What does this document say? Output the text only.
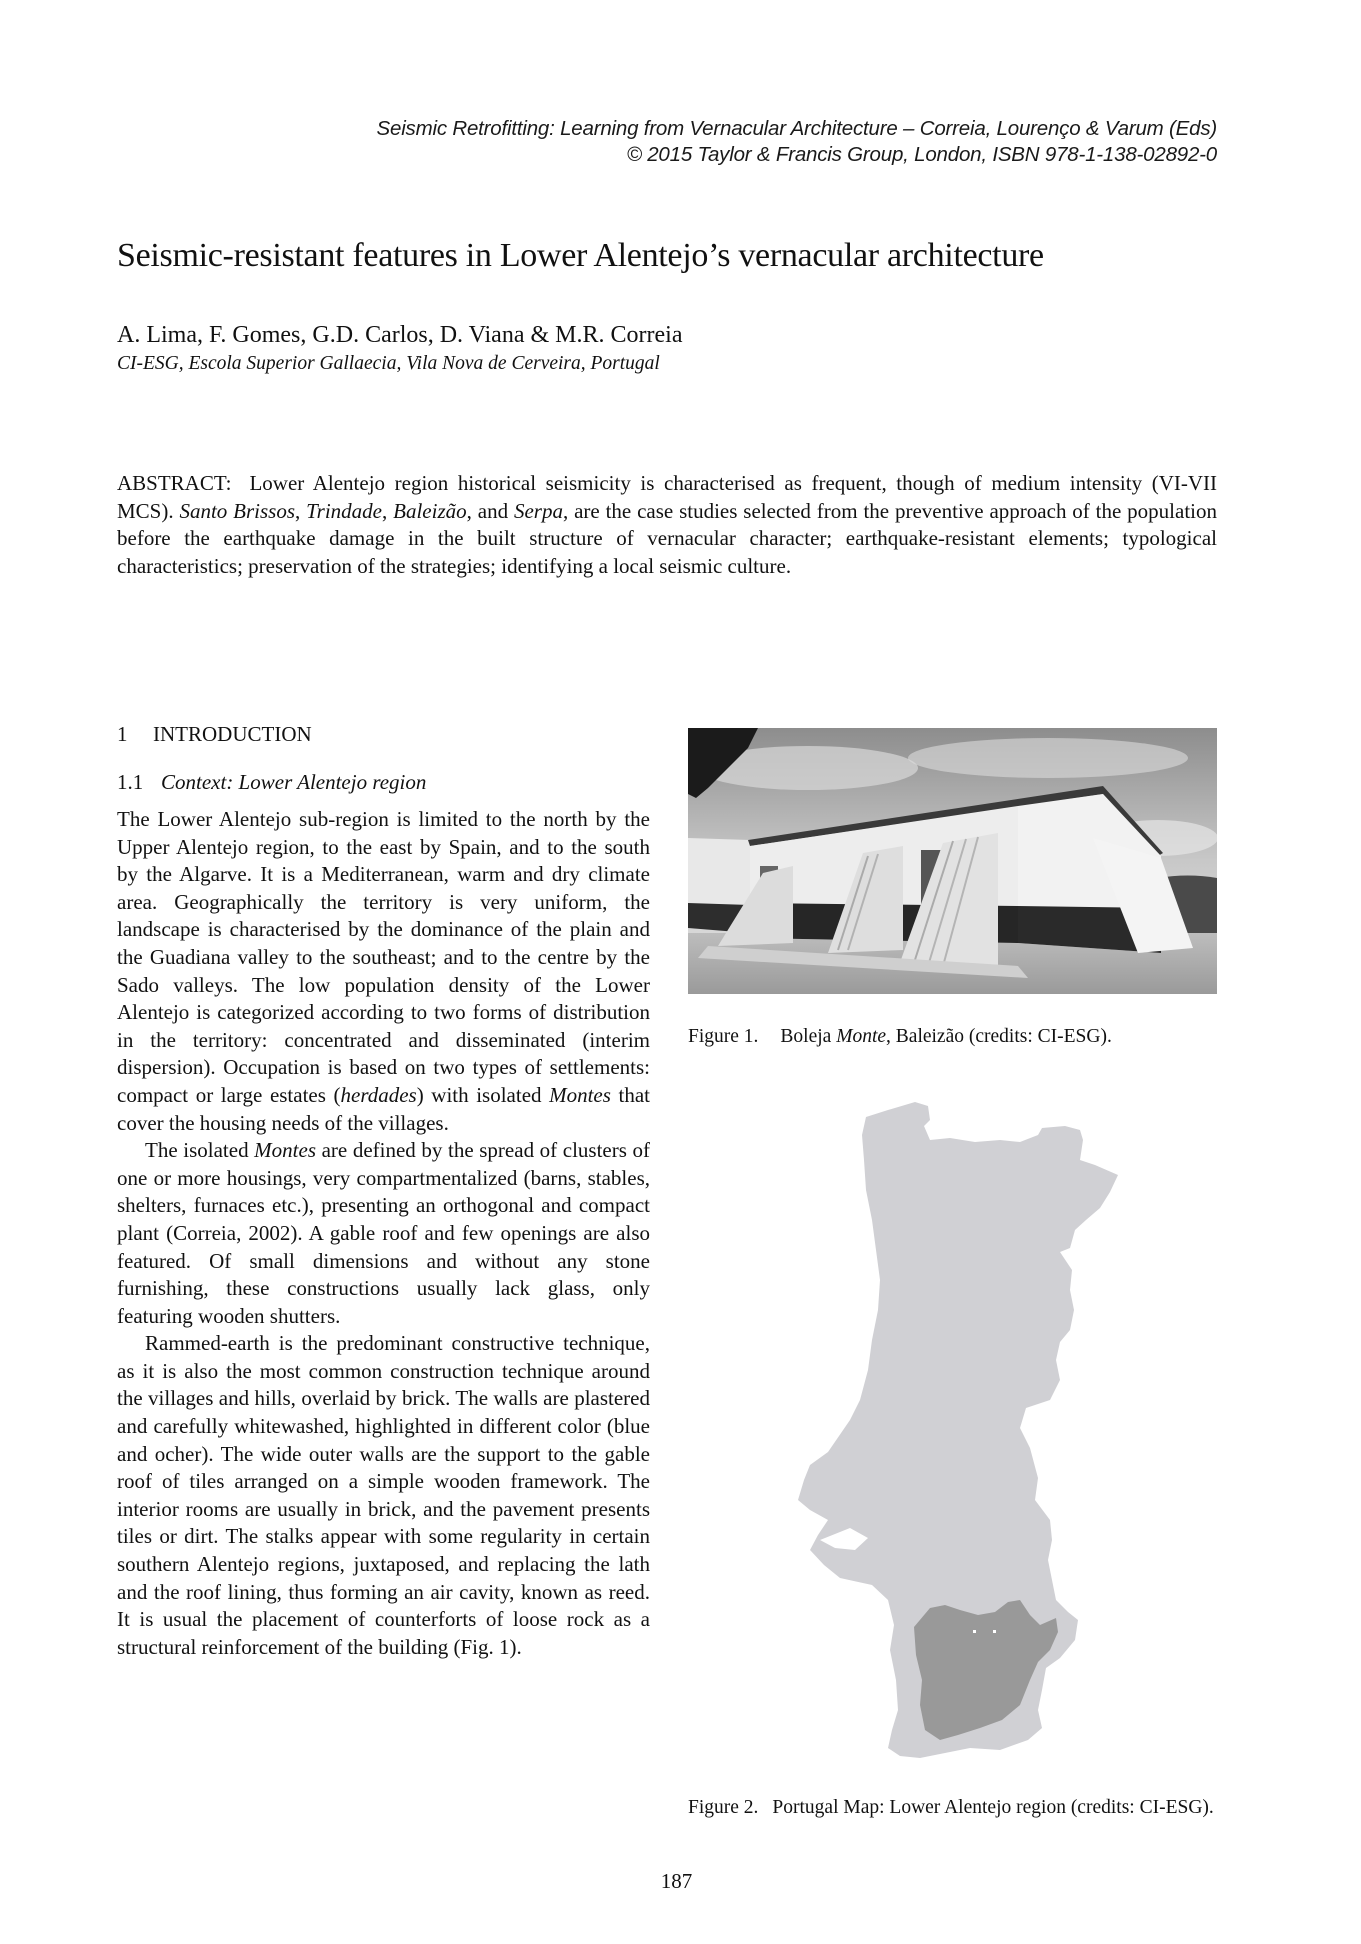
Seismic Retrofitting: Learning from Vernacular Architecture – Correia, Lourenço & Varum (Eds)
© 2015 Taylor & Francis Group, London, ISBN 978-1-138-02892-0
Seismic-resistant features in Lower Alentejo’s vernacular architecture
A. Lima, F. Gomes, G.D. Carlos, D. Viana & M.R. Correia
CI-ESG, Escola Superior Gallaecia, Vila Nova de Cerveira, Portugal
ABSTRACT: Lower Alentejo region historical seismicity is characterised as frequent, though of medium intensity (VI-VII MCS). Santo Brissos, Trindade, Baleizão, and Serpa, are the case studies selected from the preventive approach of the population before the earthquake damage in the built structure of vernacular character; earthquake-resistant elements; typological characteristics; preservation of the strategies; identifying a local seismic culture.
1 INTRODUCTION
1.1 Context: Lower Alentejo region

The Lower Alentejo sub-region is limited to the north by the Upper Alentejo region, to the east by Spain, and to the south by the Algarve. It is a Mediterranean, warm and dry climate area. Geographically the territory is very uniform, the landscape is characterised by the dominance of the plain and the Guadiana valley to the southeast; and to the centre by the Sado valleys. The low population density of the Lower Alentejo is categorized according to two forms of distribution in the territory: concentrated and disseminated (interim dispersion). Occupation is based on two types of settlements: compact or large estates (herdades) with isolated Montes that cover the housing needs of the villages.

The isolated Montes are defined by the spread of clusters of one or more housings, very compartmentalized (barns, stables, shelters, furnaces etc.), presenting an orthogonal and compact plant (Correia, 2002). A gable roof and few openings are also featured. Of small dimensions and without any stone furnishing, these constructions usually lack glass, only featuring wooden shutters.

Rammed-earth is the predominant constructive technique, as it is also the most common construction technique around the villages and hills, overlaid by brick. The walls are plastered and carefully whitewashed, highlighted in different color (blue and ocher). The wide outer walls are the support to the gable roof of tiles arranged on a simple wooden framework. The interior rooms are usually in brick, and the pavement presents tiles or dirt. The stalks appear with some regularity in certain southern Alentejo regions, juxtaposed, and replacing the lath and the roof lining, thus forming an air cavity, known as reed. It is usual the placement of counterforts of loose rock as a structural reinforcement of the building (Fig. 1).

Figure 1. Boleja Monte, Baleizão (credits: CI-ESG).
Figure 2. Portugal Map: Lower Alentejo region (credits: CI-ESG).
187
